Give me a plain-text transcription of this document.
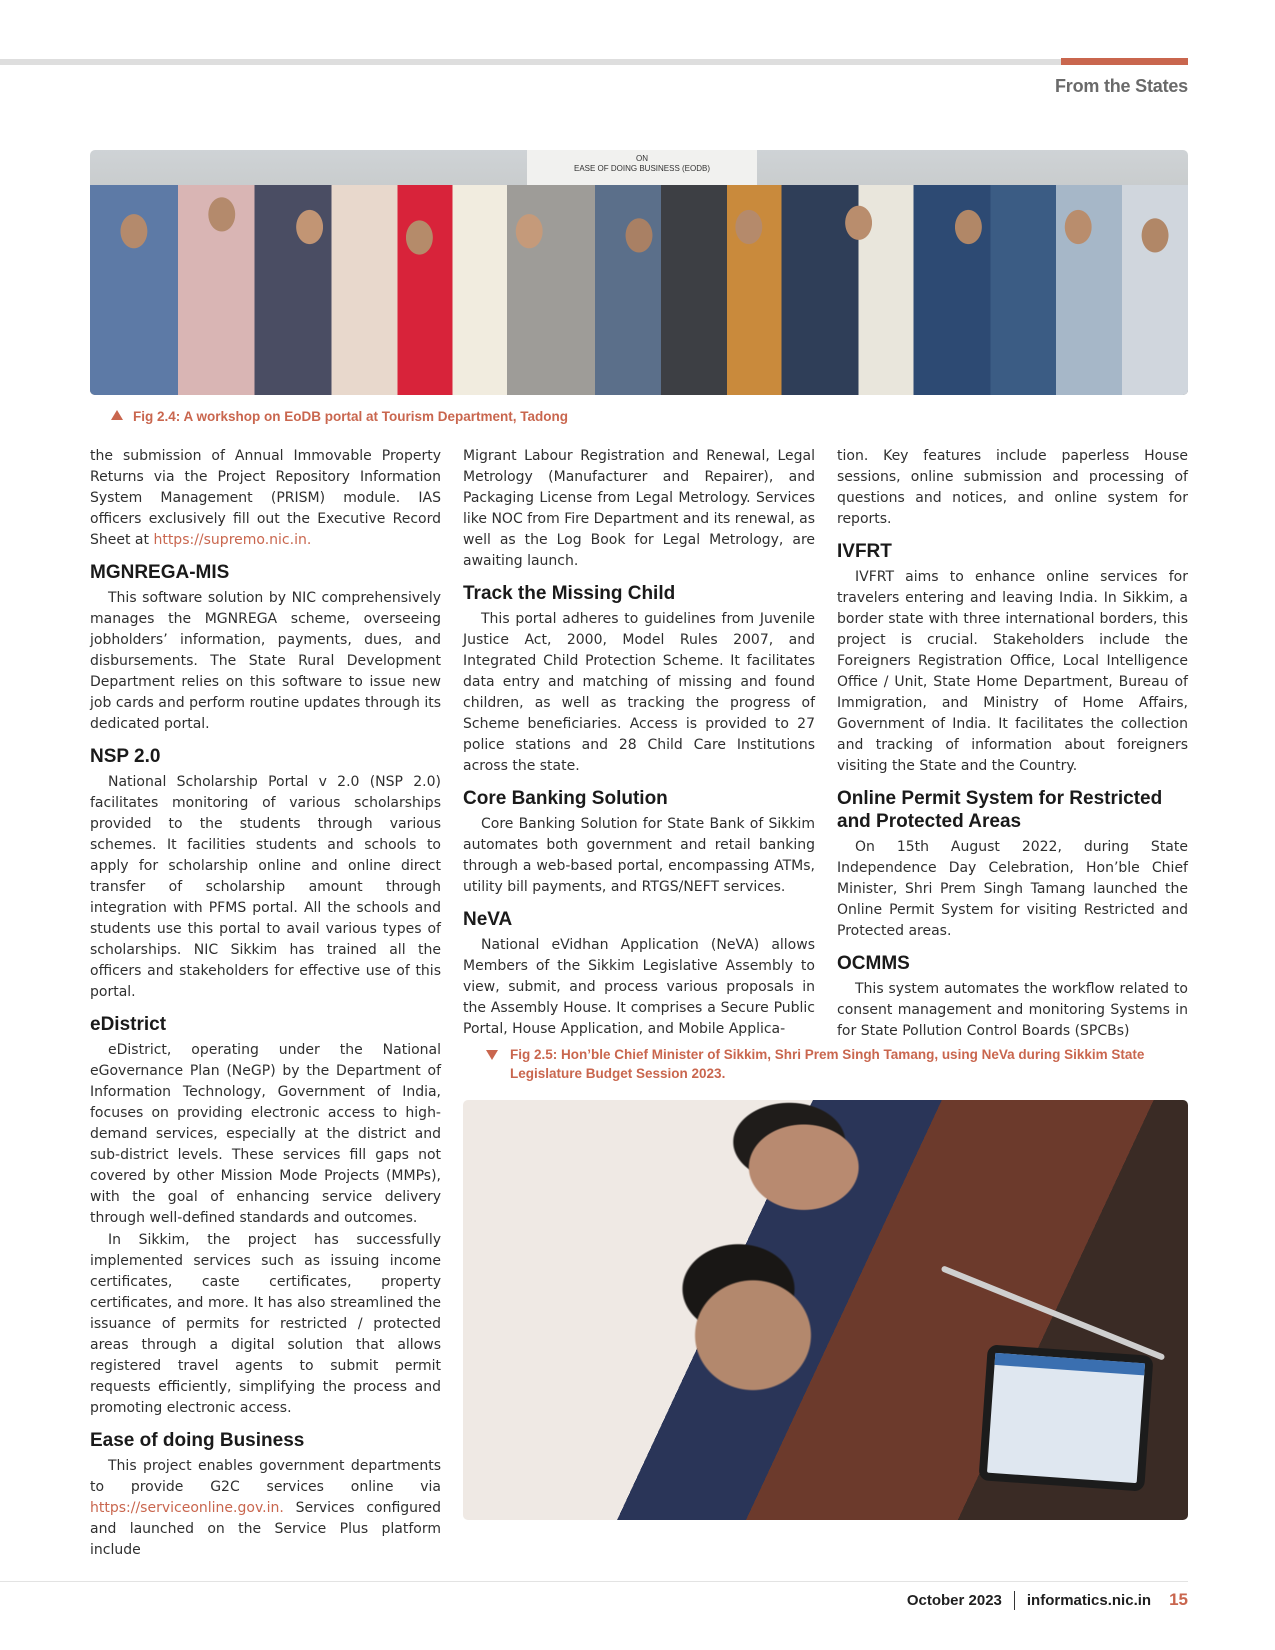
From the States
ON
EASE OF DOING BUSINESS (EODB)
Fig 2.4: A workshop on EoDB portal at Tourism Department, Tadong

the submission of Annual Immovable Property Returns via the Project Repository Information System Management (PRISM) module. IAS officers exclusively fill out the Executive Record Sheet at https://supremo.nic.in.

MGNREGA-MIS

This software solution by NIC comprehensively manages the MGNREGA scheme, overseeing jobholders’ information, payments, dues, and disbursements. The State Rural Development Department relies on this software to issue new job cards and perform routine updates through its dedicated portal.

NSP 2.0

National Scholarship Portal v 2.0 (NSP 2.0) facilitates monitoring of various scholarships provided to the students through various schemes. It facilities students and schools to apply for scholarship online and online direct transfer of scholarship amount through integration with PFMS portal. All the schools and students use this portal to avail various types of scholarships. NIC Sikkim has trained all the officers and stakeholders for effective use of this portal.

eDistrict

eDistrict, operating under the National eGovernance Plan (NeGP) by the Department of Information Technology, Government of India, focuses on providing electronic access to high-demand services, especially at the district and sub-district levels. These services fill gaps not covered by other Mission Mode Projects (MMPs), with the goal of enhancing service delivery through well-defined standards and outcomes.

In Sikkim, the project has successfully implemented services such as issuing income certificates, caste certificates, property certificates, and more. It has also streamlined the issuance of permits for restricted / protected areas through a digital solution that allows registered travel agents to submit permit requests efficiently, simplifying the process and promoting electronic access.

Ease of doing Business

This project enables government departments to provide G2C services online via https://serviceonline.gov.in. Services configured and launched on the Service Plus platform include

Migrant Labour Registration and Renewal, Legal Metrology (Manufacturer and Repairer), and Packaging License from Legal Metrology. Services like NOC from Fire Department and its renewal, as well as the Log Book for Legal Metrology, are awaiting launch.

Track the Missing Child

This portal adheres to guidelines from Juvenile Justice Act, 2000, Model Rules 2007, and Integrated Child Protection Scheme. It facilitates data entry and matching of missing and found children, as well as tracking the progress of Scheme beneficiaries. Access is provided to 27 police stations and 28 Child Care Institutions across the state.

Core Banking Solution

Core Banking Solution for State Bank of Sikkim automates both government and retail banking through a web-based portal, encompassing ATMs, utility bill payments, and RTGS/NEFT services.

NeVA

National eVidhan Application (NeVA) allows Members of the Sikkim Legislative Assembly to view, submit, and process various proposals in the Assembly House. It comprises a Secure Public Portal, House Application, and Mobile Applica-

tion. Key features include paperless House sessions, online submission and processing of questions and notices, and online system for reports.

IVFRT

IVFRT aims to enhance online services for travelers entering and leaving India. In Sikkim, a border state with three international borders, this project is crucial. Stakeholders include the Foreigners Registration Office, Local Intelligence Office / Unit, State Home Department, Bureau of Immigration, and Ministry of Home Affairs, Government of India. It facilitates the collection and tracking of information about foreigners visiting the State and the Country.

Online Permit System for Restricted and Protected Areas

On 15th August 2022, during State Independence Day Celebration, Hon’ble Chief Minister, Shri Prem Singh Tamang launched the Online Permit System for visiting Restricted and Protected areas.

OCMMS

This system automates the workflow related to consent management and monitoring Systems in for State Pollution Control Boards (SPCBs)

Fig 2.5: Hon’ble Chief Minister of Sikkim, Shri Prem Singh Tamang, using NeVa during Sikkim State Legislature Budget Session 2023.
October 2023 informatics.nic.in 15
